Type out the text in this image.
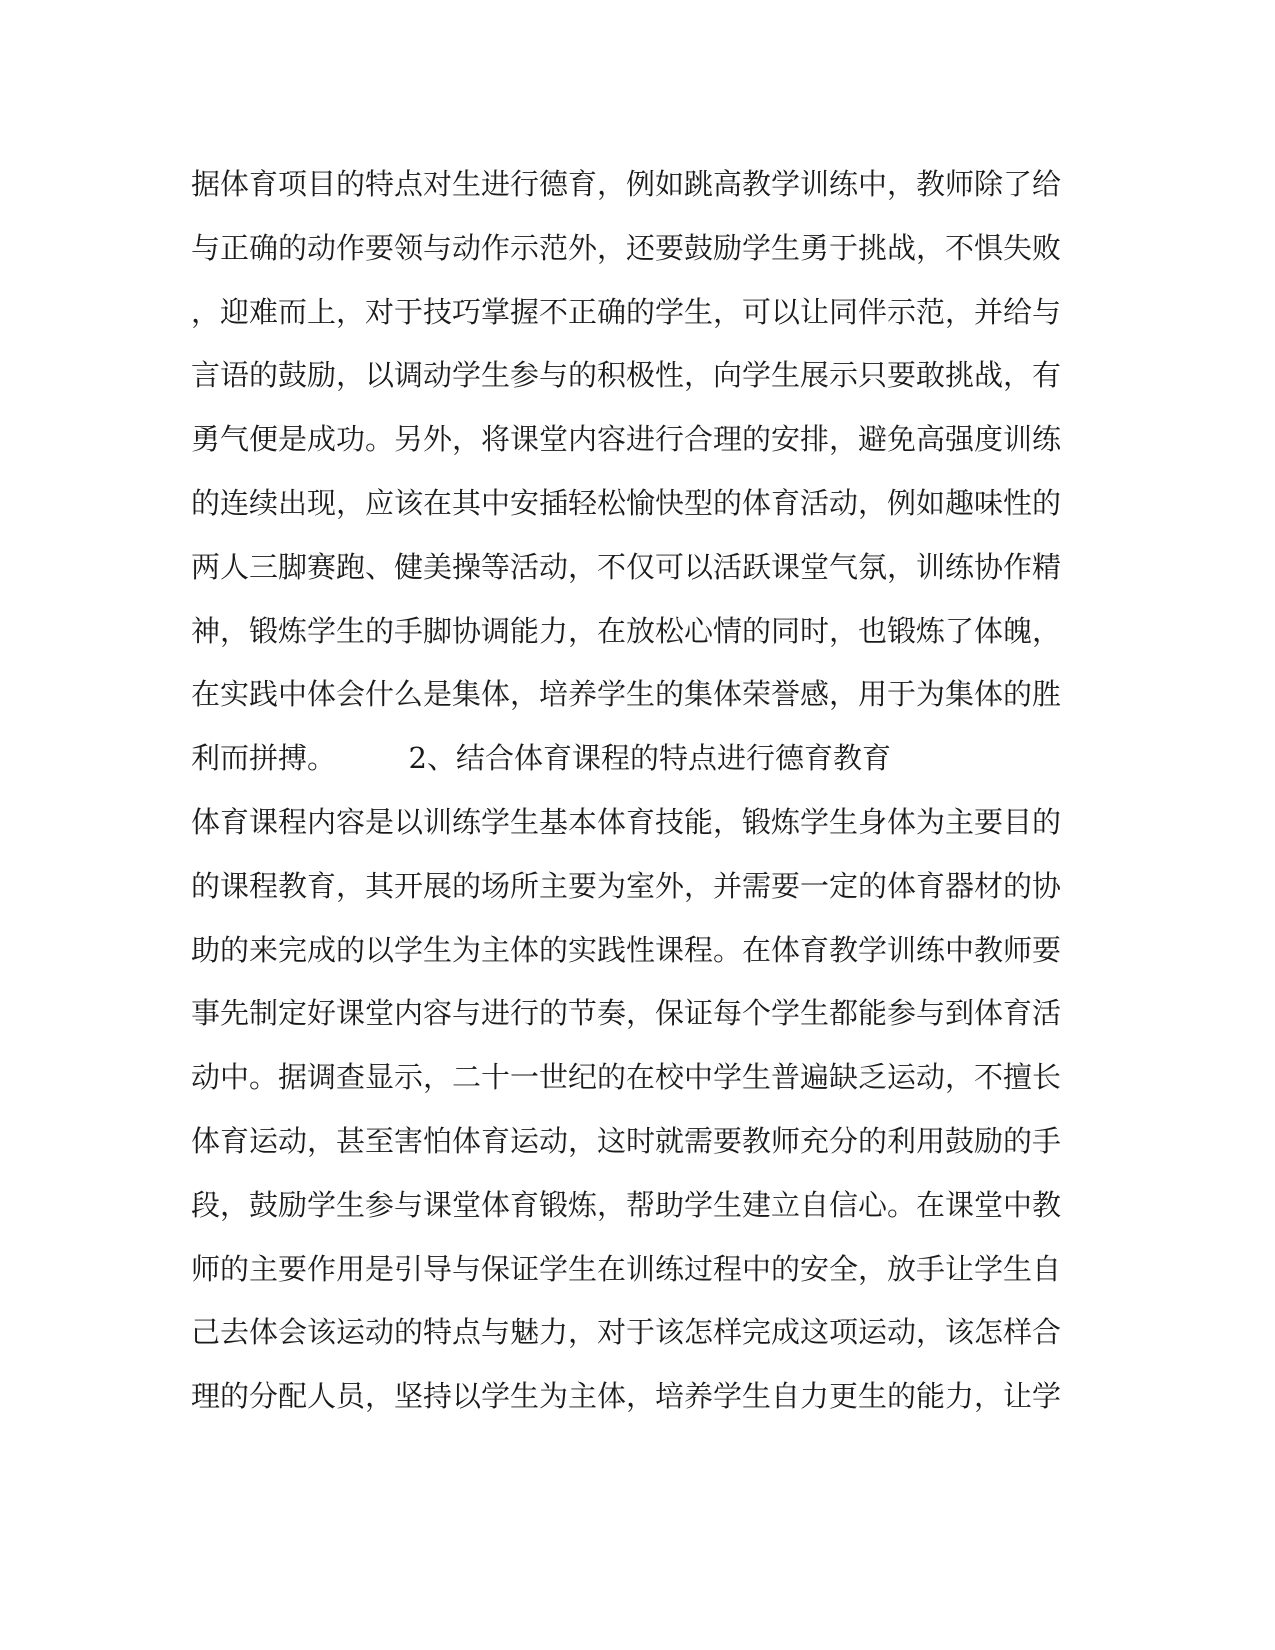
据体育项目的特点对生进行德育，例如跳高教学训练中，教师除了给
与正确的动作要领与动作示范外，还要鼓励学生勇于挑战，不惧失败
，迎难而上，对于技巧掌握不正确的学生，可以让同伴示范，并给与
言语的鼓励，以调动学生参与的积极性，向学生展示只要敢挑战，有
勇气便是成功。另外，将课堂内容进行合理的安排，避免高强度训练
的连续出现，应该在其中安插轻松愉快型的体育活动，例如趣味性的
两人三脚赛跑、健美操等活动，不仅可以活跃课堂气氛，训练协作精
神，锻炼学生的手脚协调能力，在放松心情的同时，也锻炼了体魄，
在实践中体会什么是集体，培养学生的集体荣誉感，用于为集体的胜
利而拼搏。　　　2、结合体育课程的特点进行德育教育
体育课程内容是以训练学生基本体育技能，锻炼学生身体为主要目的
的课程教育，其开展的场所主要为室外，并需要一定的体育器材的协
助的来完成的以学生为主体的实践性课程。在体育教学训练中教师要
事先制定好课堂内容与进行的节奏，保证每个学生都能参与到体育活
动中。据调查显示，二十一世纪的在校中学生普遍缺乏运动，不擅长
体育运动，甚至害怕体育运动，这时就需要教师充分的利用鼓励的手
段，鼓励学生参与课堂体育锻炼，帮助学生建立自信心。在课堂中教
师的主要作用是引导与保证学生在训练过程中的安全，放手让学生自
己去体会该运动的特点与魅力，对于该怎样完成这项运动，该怎样合
理的分配人员，坚持以学生为主体，培养学生自力更生的能力，让学
